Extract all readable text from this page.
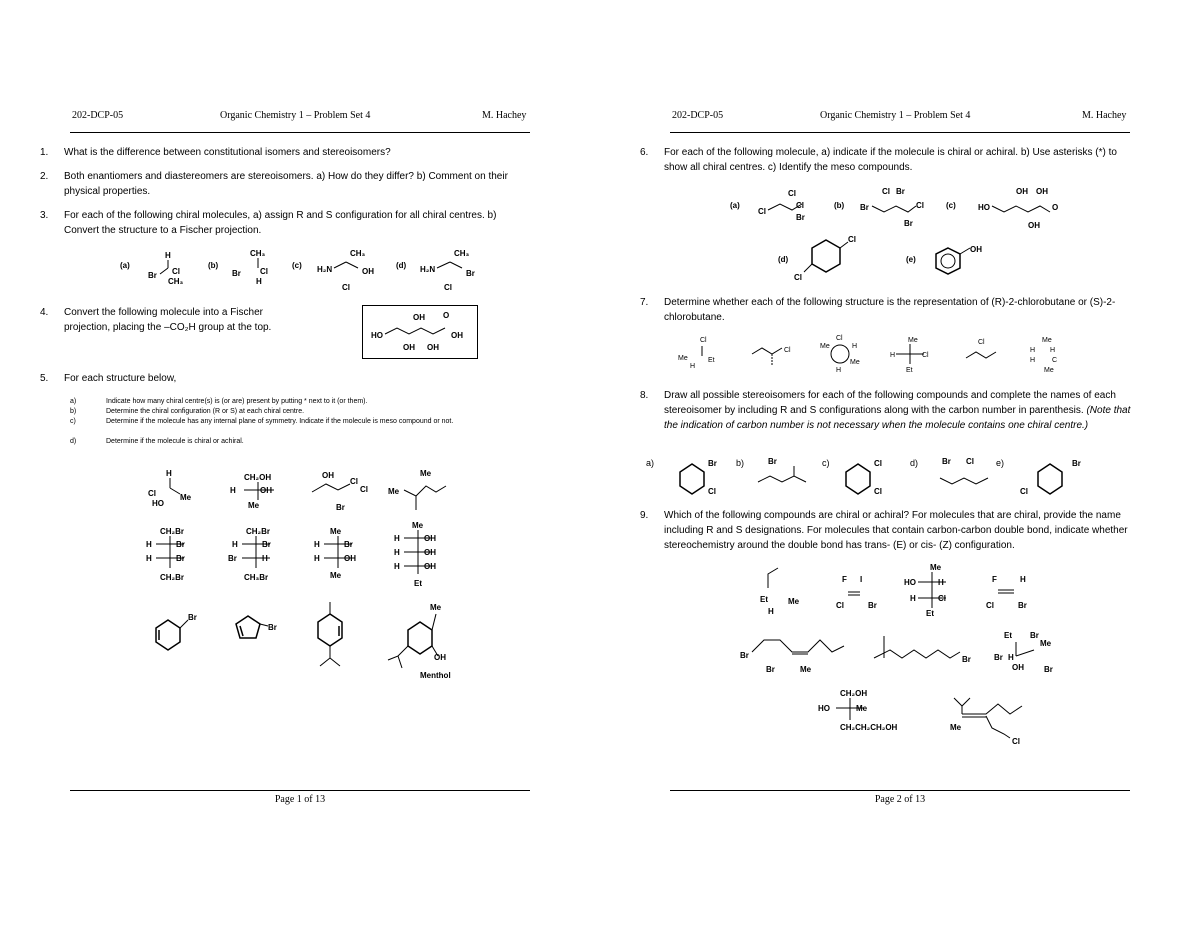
202-DCP-05	Organic Chemistry 1 – Problem Set 4	M. Hachey
1. What is the difference between constitutional isomers and stereoisomers?
2. Both enantiomers and diastereomers are stereoisomers. a) How do they differ? b) Comment on their physical properties.
3. For each of the following chiral molecules, a) assign R and S configuration for all chiral centres. b) Convert the structure to a Fischer projection.
(a)
H
Br Cl
CH₃
(b)
CH₃
Br Cl
H
(c) H₂N
CH₃
OH
Cl
(d) H₂N
CH₃
Br
Cl
4. Convert the following molecule into a Fischer projection, placing the –CO₂H group at the top.
HO
OH O
OH
OH OH
5. For each structure below,
a)	Indicate how many chiral centre(s) is (or are) present by putting * next to it (or them).
b)	Determine the chiral configuration (R or S) at each chiral centre.
c)	Determine if the molecule has any internal plane of symmetry. Indicate if the molecule is meso compound or not.
d)	Determine if the molecule is chiral or achiral.
H
Cl
HO
Me
CH₂OH
H	OH
Me
OH
Cl
Cl
Br
Me
Me
CH₂Br
H	Br
H	Br
CH₂Br
CH₂Br
H	Br
Br	H
CH₃Br
Me
H	Br
H	OH
Me
Me
H	OH
H	OH
H	OH
Et
Br
Br
Me
OH
Menthol
Page 1 of 13
202-DCP-05	Organic Chemistry 1 – Problem Set 4	M. Hachey
6. For each of the following molecule, a) indicate if the molecule is chiral or achiral. b) Use asterisks (*) to show all chiral centres. c) Identify the meso compounds.
(a)
Cl
Cl
Cl
Br
(b) Br
Cl Br
Cl
Br
(c)	HO
OH OH
O
OH
(d)
Cl
Cl
(e)
OH
7. Determine whether each of the following structure is the representation of (R)-2-chlorobutane or (S)-2-chlorobutane.
Cl
Me
H
Et
Cl
Cl
Me	H
Me
H
Me
H	Cl
Et
Cl	Me
H H
H C
Me
8. Draw all possible stereoisomers for each of the following compounds and complete the names of each stereoisomer by including R and S configurations along with the carbon number in parenthesis. (Note that the indication of carbon number is not necessary when the molecule contains one chiral centre.)
a)	Br
Cl
b)	Br	c)	Cl
Cl
d)	Br Cl e)	Br
Cl
9. Which of the following compounds are chiral or achiral? For molecules that are chiral, provide the name including R and S designations. For molecules that contain carbon-carbon double bond, indicate whether stereochemistry around the double bond has trans- (E) or cis- (Z) configuration.
Et	Me
H
F I
Cl	Br
Me
HO	H
H	Cl
Et
F	H
Cl	Br
Br
Br	Me
Br
Et Br
Me
Br H
OH	Br
CH₂OH
HO	Me
CH₂CH₂CH₂OH	Me
Cl
Page 2 of 13
